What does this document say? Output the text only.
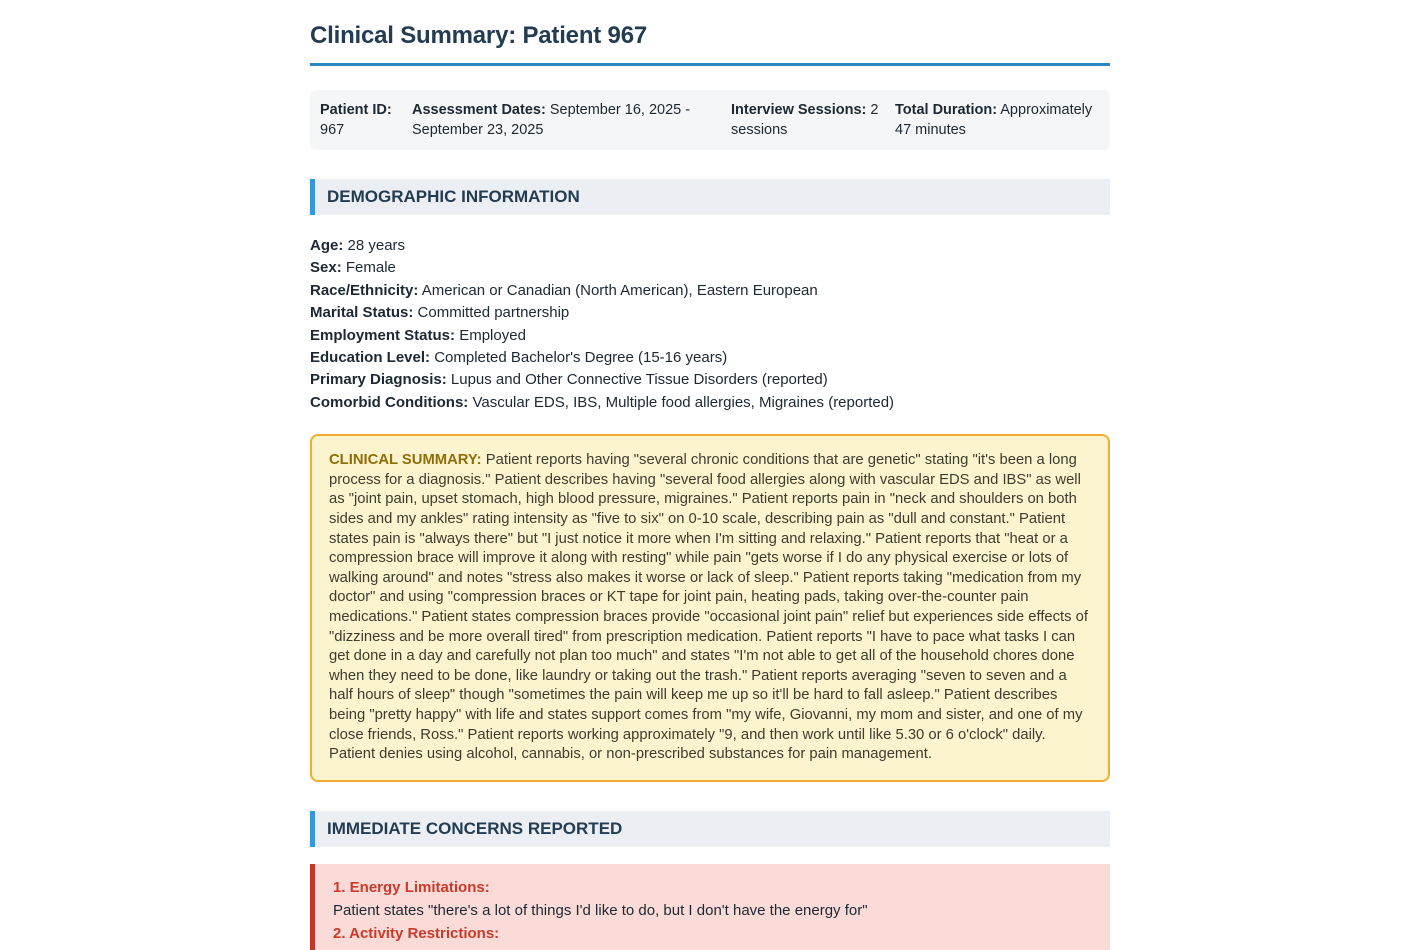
Clinical Summary: Patient 967
Patient ID: 967
Assessment Dates: September 16, 2025 - September 23, 2025
Interview Sessions: 2 sessions
Total Duration: Approximately 47 minutes
DEMOGRAPHIC INFORMATION

Age: 28 years

Sex: Female

Race/Ethnicity: American or Canadian (North American), Eastern European

Marital Status: Committed partnership

Employment Status: Employed

Education Level: Completed Bachelor's Degree (15-16 years)

Primary Diagnosis: Lupus and Other Connective Tissue Disorders (reported)

Comorbid Conditions: Vascular EDS, IBS, Multiple food allergies, Migraines (reported)

CLINICAL SUMMARY: Patient reports having "several chronic conditions that are genetic" stating "it's been a long process for a diagnosis." Patient describes having "several food allergies along with vascular EDS and IBS" as well as "joint pain, upset stomach, high blood pressure, migraines." Patient reports pain in "neck and shoulders on both sides and my ankles" rating intensity as "five to six" on 0-10 scale, describing pain as "dull and constant." Patient states pain is "always there" but "I just notice it more when I'm sitting and relaxing." Patient reports that "heat or a compression brace will improve it along with resting" while pain "gets worse if I do any physical exercise or lots of walking around" and notes "stress also makes it worse or lack of sleep." Patient reports taking "medication from my doctor" and using "compression braces or KT tape for joint pain, heating pads, taking over-the-counter pain medications." Patient states compression braces provide "occasional joint pain" relief but experiences side effects of "dizziness and be more overall tired" from prescription medication. Patient reports "I have to pace what tasks I can get done in a day and carefully not plan too much" and states "I'm not able to get all of the household chores done when they need to be done, like laundry or taking out the trash." Patient reports averaging "seven to seven and a half hours of sleep" though "sometimes the pain will keep me up so it'll be hard to fall asleep." Patient describes being "pretty happy" with life and states support comes from "my wife, Giovanni, my mom and sister, and one of my close friends, Ross." Patient reports working approximately "9, and then work until like 5.30 or 6 o'clock" daily. Patient denies using alcohol, cannabis, or non-prescribed substances for pain management.

IMMEDIATE CONCERNS REPORTED
1. Energy Limitations:

Patient states "there's a lot of things I'd like to do, but I don't have the energy for"

2. Activity Restrictions:
